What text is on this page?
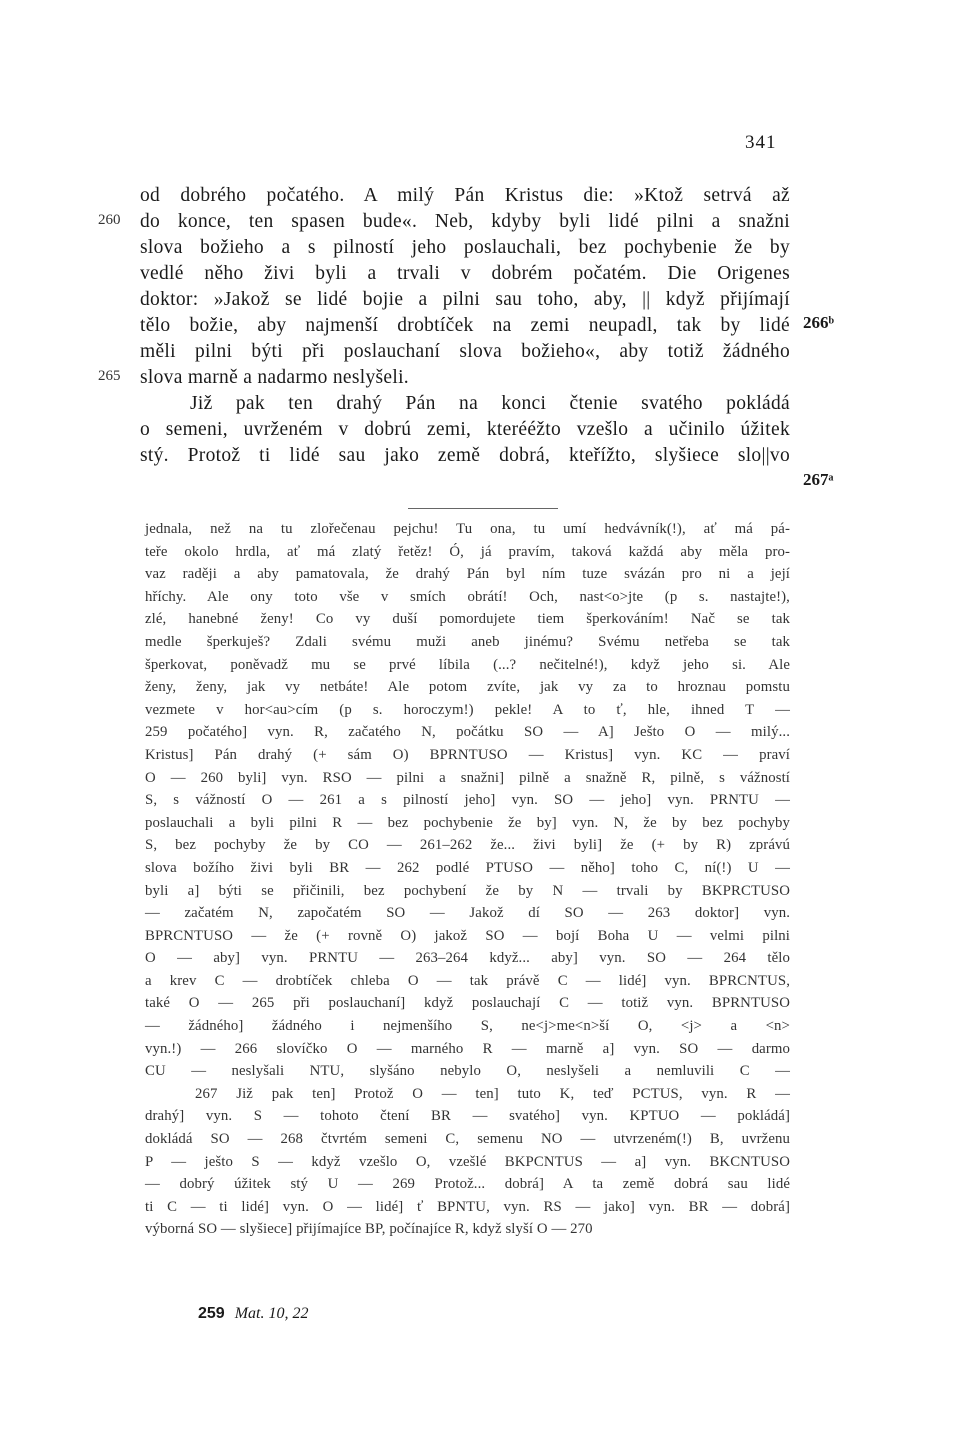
341
od dobrého počatého. A milý Pán Kristus die: »Ktož setrvá až
do konce, ten spasen bude«. Neb, kdyby byli lidé pilni a snažni
slova božieho a s pilností jeho poslauchali, bez pochybenie že by
vedlé něho živi byli a trvali v dobrém počatém. Die Origenes
doktor: »Jakož se lidé bojie a pilni sau toho, aby, || když přijímají
tělo božie, aby najmenší drobtíček na zemi neupadl, tak by lidé
měli pilni býti při poslauchaní slova božieho«, aby totiž žádného
slova marně a nadarmo neslyšeli.
Již pak ten drahý Pán na konci čtenie svatého pokládá
o semeni, uvrženém v dobrú zemi, kterééžto vzešlo a učinilo úžitek
stý. Protož ti lidé sau jako země dobrá, kteřížto, slyšiece slo||vo
260
265
266ᵇ
267ᵃ
jednala, než na tu zlořečenau pejchu! Tu ona, tu umí hedvávník(!), ať má pá-
teře okolo hrdla, ať má zlatý řetěz! Ó, já pravím, taková každá aby měla pro-
vaz raději a aby pamatovala, že drahý Pán byl ním tuze svázán pro ni a její
hříchy. Ale ony toto vše v smích obrátí! Och, nast<o>jte (p s. nastajte!),
zlé, hanebné ženy! Co vy duší pomordujete tiem šperkováním! Nač se tak
medle šperkuješ? Zdali svému muži aneb jinému? Svému netřeba se tak
šperkovat, poněvadž mu se prvé líbila (...? nečitelné!), když jeho si. Ale
ženy, ženy, jak vy netbáte! Ale potom zvíte, jak vy za to hroznau pomstu
vezmete v hor<au>cím (p s. horoczym!) pekle! A to ť, hle, ihned T —
259 počatého] vyn. R, začatého N, počátku SO — A] Ješto O — milý...
Kristus] Pán drahý (+ sám O) BPRNTUSO — Kristus] vyn. KC — praví
O — 260 byli] vyn. RSO — pilni a snažni] pilně a snažně R, pilně, s vážností
S, s vážností O — 261 a s pilností jeho] vyn. SO — jeho] vyn. PRNTU —
poslauchali a byli pilni R — bez pochybenie že by] vyn. N, že by bez pochyby
S, bez pochyby že by CO — 261–262 že... živi byli] že (+ by R) zprávú
slova božího živi byli BR — 262 podlé PTUSO — něho] toho C, ní(!) U —
byli a] býti se přičinili, bez pochybení že by N — trvali by BKPRCTUSO
— začatém N, započatém SO — Jakož dí SO — 263 doktor] vyn.
BPRCNTUSO — že (+ rovně O) jakož SO — bojí Boha U — velmi pilni
O — aby] vyn. PRNTU — 263–264 když... aby] vyn. SO — 264 tělo
a krev C — drobtíček chleba O — tak právě C — lidé] vyn. BPRCNTUS,
také O — 265 při poslauchaní] když poslauchají C — totiž vyn. BPRNTUSO
— žádného] žádného i nejmenšího S, ne<j>me<n>ší O, <j> a <n>
vyn.!) — 266 slovíčko O — marného R — marně a] vyn. SO — darmo
CU — neslyšali NTU, slyšáno nebylo O, neslyšeli a nemluvili C —
267 Již pak ten] Protož O — ten] tuto K, teď PCTUS, vyn. R —
drahý] vyn. S — tohoto čtení BR — svatého] vyn. KPTUO — pokládá]
dokládá SO — 268 čtvrtém semeni C, semenu NO — utvrzeném(!) B, uvrženu
P — ješto S — když vzešlo O, vzešlé BKPCNTUS — a] vyn. BKCNTUSO
— dobrý úžitek stý U — 269 Protož... dobrá] A ta země dobrá sau lidé
ti C — ti lidé] vyn. O — lidé] ť BPNTU, vyn. RS — jako] vyn. BR — dobrá]
výborná SO — slyšiece] přijímajíce BP, počínajíce R, když slyší O — 270
259 Mat. 10, 22
